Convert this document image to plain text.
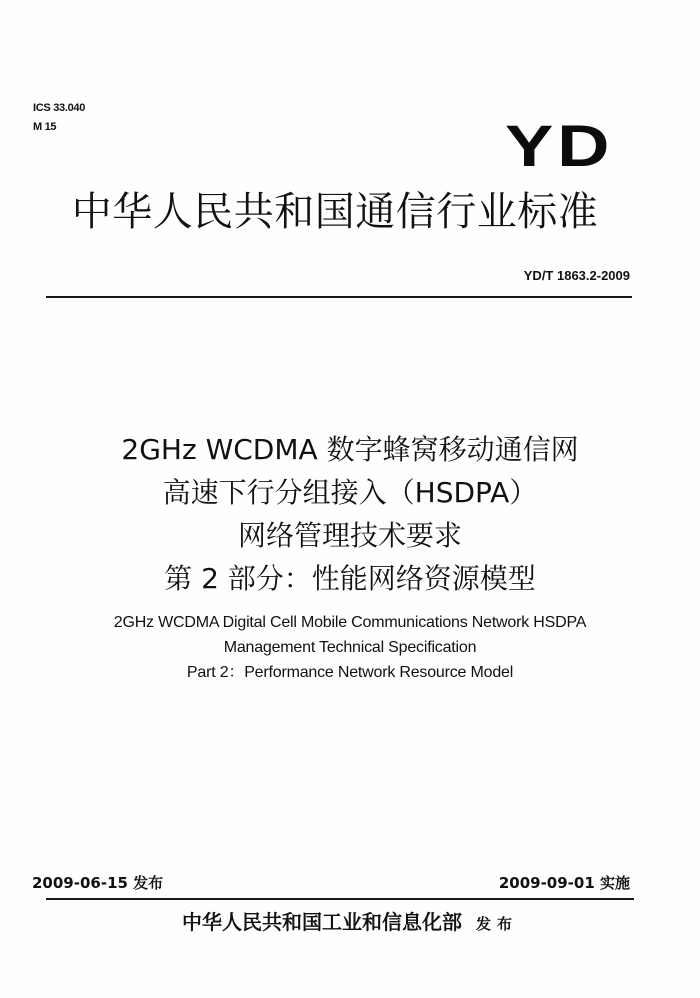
ICS 33.040
M 15	YD
中华人民共和国通信行业标准
YD/T 1863.2-2009
2GHz WCDMA 数字蜂窝移动通信网
高速下行分组接入（HSDPA）
网络管理技术要求
第 2 部分：性能网络资源模型
2GHz WCDMA Digital Cell Mobile Communications Network HSDPA
Management Technical Specification
Part 2：Performance Network Resource Model
2009-06-15 发布	2009-09-01 实施
中华人民共和国工业和信息化部 发布
